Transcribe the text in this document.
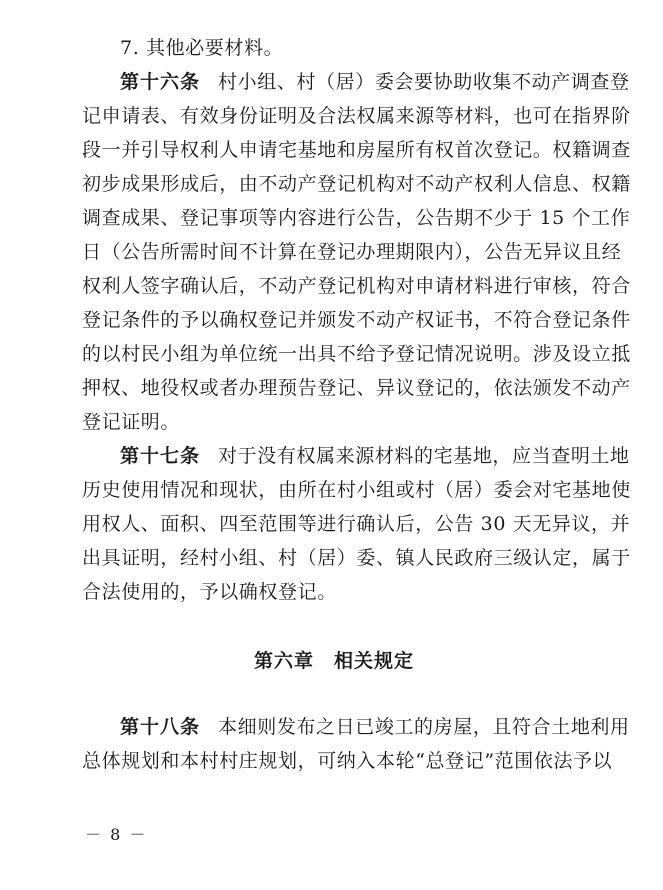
7. 其他必要材料。
第十六条 村小组、村（居）委会要协助收集不动产调查登
记申请表、有效身份证明及合法权属来源等材料，也可在指界阶
段一并引导权利人申请宅基地和房屋所有权首次登记。权籍调查
初步成果形成后，由不动产登记机构对不动产权利人信息、权籍
调查成果、登记事项等内容进行公告，公告期不少于 15 个工作
日（公告所需时间不计算在登记办理期限内），公告无异议且经
权利人签字确认后，不动产登记机构对申请材料进行审核，符合
登记条件的予以确权登记并颁发不动产权证书，不符合登记条件
的以村民小组为单位统一出具不给予登记情况说明。涉及设立抵
押权、地役权或者办理预告登记、异议登记的，依法颁发不动产
登记证明。
第十七条 对于没有权属来源材料的宅基地，应当查明土地
历史使用情况和现状，由所在村小组或村（居）委会对宅基地使
用权人、面积、四至范围等进行确认后，公告 30 天无异议，并
出具证明，经村小组、村（居）委、镇人民政府三级认定，属于
合法使用的，予以确权登记。
第六章　相关规定
第十八条 本细则发布之日已竣工的房屋，且符合土地利用
总体规划和本村村庄规划，可纳入本轮“总登记”范围依法予以
－ 8 －
